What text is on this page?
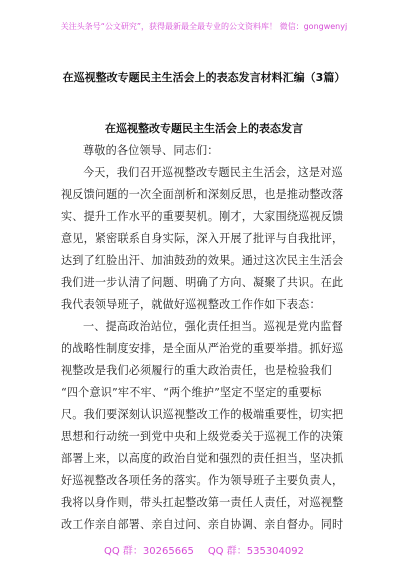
关注头条号“公文研究”，获得最新最全最专业的公文资料库！ 微信：gongwenyj
在巡视整改专题民主生活会上的表态发言材料汇编（3篇）
在巡视整改专题民主生活会上的表态发言
尊敬的各位领导、同志们：
今天，我们召开巡视整改专题民主生活会，这是对巡
视反馈问题的一次全面剖析和深刻反思，也是推动整改落
实、提升工作水平的重要契机。刚才，大家围绕巡视反馈
意见，紧密联系自身实际，深入开展了批评与自我批评，
达到了红脸出汗、加油鼓劲的效果。通过这次民主生活会
我们进一步认清了问题、明确了方向、凝聚了共识。在此
我代表领导班子，就做好巡视整改工作作如下表态：
一、提高政治站位，强化责任担当。巡视是党内监督
的战略性制度安排，是全面从严治党的重要举措。抓好巡
视整改是我们必须履行的重大政治责任，也是检验我们
“四个意识”牢不牢、“两个维护”坚定不坚定的重要标
尺。我们要深刻认识巡视整改工作的极端重要性，切实把
思想和行动统一到党中央和上级党委关于巡视工作的决策
部署上来，以高度的政治自觉和强烈的责任担当，坚决抓
好巡视整改各项任务的落实。作为领导班子主要负责人，
我将以身作则，带头扛起整改第一责任人责任，对巡视整
改工作亲自部署、亲自过问、亲自协调、亲自督办。同时
QQ 群：30265665 QQ 群：535304092
